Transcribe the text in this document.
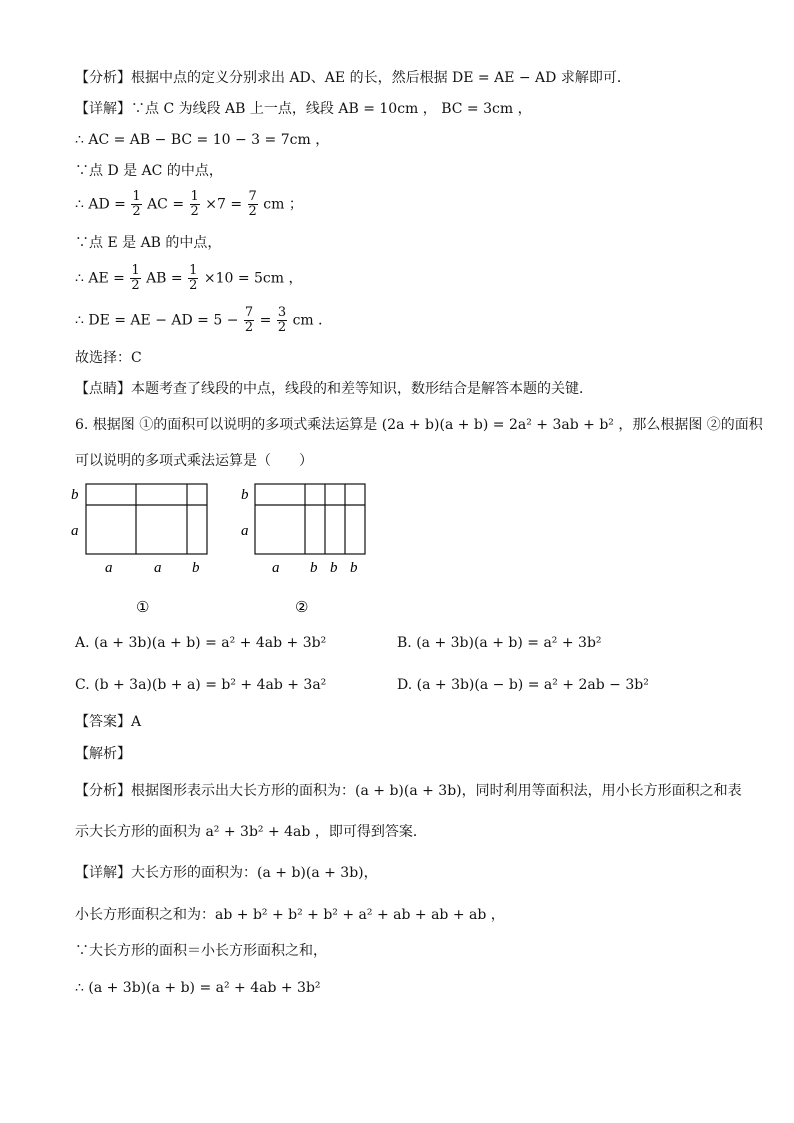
【分析】根据中点的定义分别求出 AD、AE 的长，然后根据 DE = AE − AD 求解即可．
【详解】∵点 C 为线段 AB 上一点，线段 AB = 10cm ， BC = 3cm ，
∴ AC = AB − BC = 10 − 3 = 7cm ，
∵点 D 是 AC 的中点，
∴ AD = $\frac{1}{2}$ AC = $\frac{1}{2} \times 7 = \frac{7}{2}$ cm ；
∵点 E 是 AB 的中点，
∴ AE = $\frac{1}{2}$ AB = $\frac{1}{2} \times 10 = 5cm$ ，
∴ DE = AE − AD = $5 - \frac{7}{2} = \frac{3}{2}$ cm ．
故选择：C
【点睛】本题考查了线段的中点，线段的和差等知识，数形结合是解答本题的关键．
6. 根据图 ①的面积可以说明的多项式乘法运算是 (2a + b)(a + b) = 2a² + 3ab + b² ，那么根据图 ②的面积
可以说明的多项式乘法运算是（　　）
b
a
a	a b
①
b
a
a b b b
②
A. (a + 3b)(a + b) = a² + 4ab + 3b²	B. (a + 3b)(a + b) = a² + 3b²
C. (b + 3a)(b + a) = b² + 4ab + 3a²	D. (a + 3b)(a − b) = a² + 2ab − 3b²
【答案】A
【解析】
【分析】根据图形表示出大长方形的面积为：(a + b)(a + 3b)，同时利用等面积法，用小长方形面积之和表
示大长方形的面积为 a² + 3b² + 4ab ，即可得到答案．
【详解】大长方形的面积为：(a + b)(a + 3b)，
小长方形面积之和为：ab + b² + b² + b² + a² + ab + ab + ab ，
∵大长方形的面积＝小长方形面积之和，
∴ (a + 3b)(a + b) = a² + 4ab + 3b²
